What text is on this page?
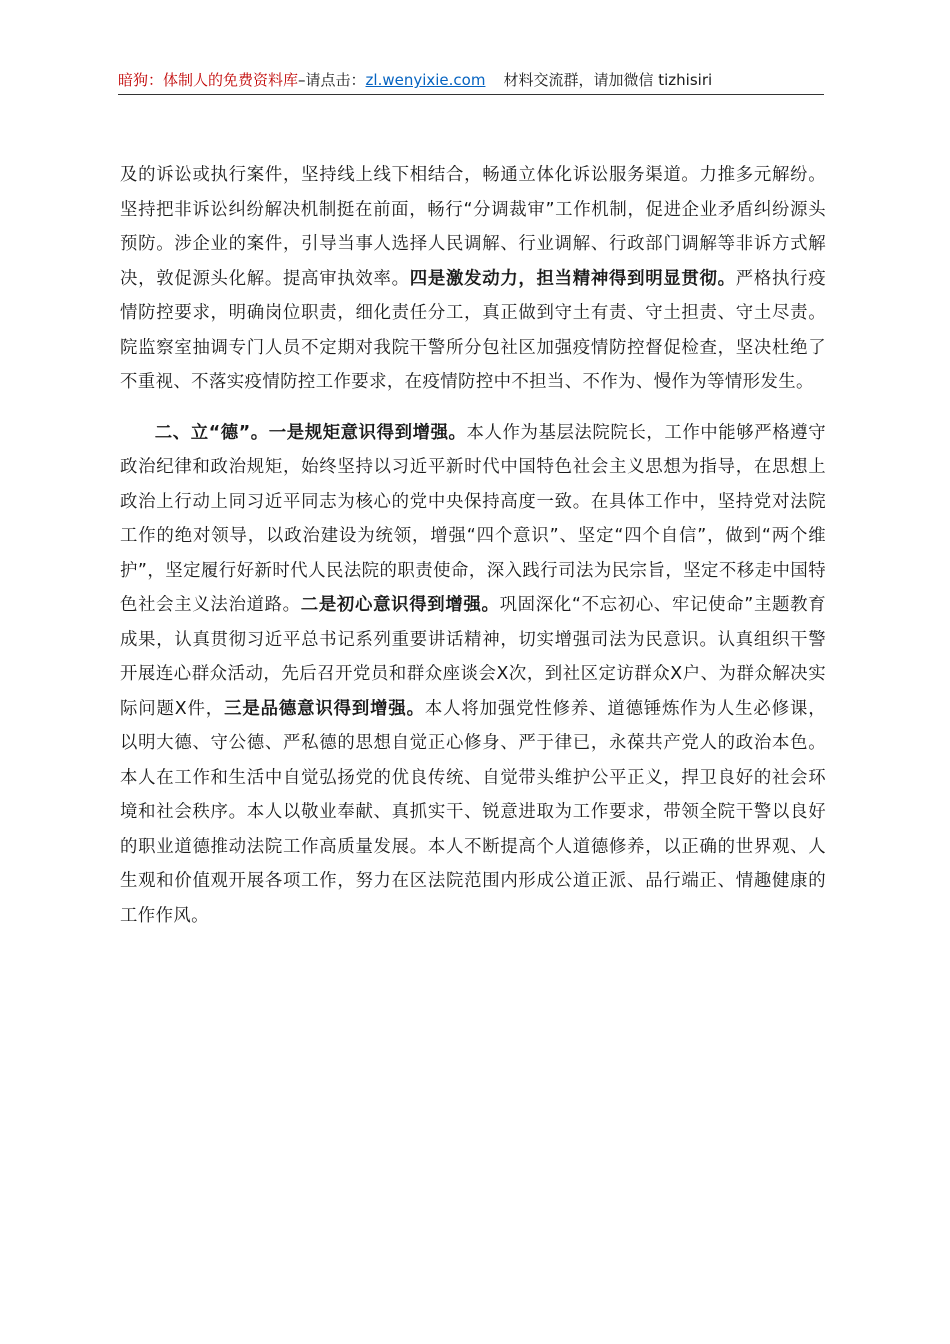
暗狗：体制人的免费资料库–请点击：zl.wenyixie.com 材料交流群，请加微信 tizhisiri

及的诉讼或执行案件，坚持线上线下相结合，畅通立体化诉讼服务渠道。力推多元解纷。坚持把非诉讼纠纷解决机制挺在前面，畅行“分调裁审”工作机制，促进企业矛盾纠纷源头预防。涉企业的案件，引导当事人选择人民调解、行业调解、行政部门调解等非诉方式解决，敦促源头化解。提高审执效率。四是激发动力，担当精神得到明显贯彻。严格执行疫情防控要求，明确岗位职责，细化责任分工，真正做到守土有责、守土担责、守土尽责。院监察室抽调专门人员不定期对我院干警所分包社区加强疫情防控督促检查，坚决杜绝了不重视、不落实疫情防控工作要求，在疫情防控中不担当、不作为、慢作为等情形发生。

二、立“德”。一是规矩意识得到增强。本人作为基层法院院长，工作中能够严格遵守政治纪律和政治规矩，始终坚持以习近平新时代中国特色社会主义思想为指导，在思想上政治上行动上同习近平同志为核心的党中央保持高度一致。在具体工作中，坚持党对法院工作的绝对领导，以政治建设为统领，增强“四个意识”、坚定“四个自信”，做到“两个维护”，坚定履行好新时代人民法院的职责使命，深入践行司法为民宗旨，坚定不移走中国特色社会主义法治道路。二是初心意识得到增强。巩固深化“不忘初心、牢记使命”主题教育成果，认真贯彻习近平总书记系列重要讲话精神，切实增强司法为民意识。认真组织干警开展连心群众活动，先后召开党员和群众座谈会X次，到社区定访群众X户、为群众解决实际问题X件，三是品德意识得到增强。本人将加强党性修养、道德锤炼作为人生必修课，以明大德、守公德、严私德的思想自觉正心修身、严于律已，永葆共产党人的政治本色。本人在工作和生活中自觉弘扬党的优良传统、自觉带头维护公平正义，捍卫良好的社会环境和社会秩序。本人以敬业奉献、真抓实干、锐意进取为工作要求，带领全院干警以良好的职业道德推动法院工作高质量发展。本人不断提高个人道德修养，以正确的世界观、人生观和价值观开展各项工作，努力在区法院范围内形成公道正派、品行端正、情趣健康的工作作风。
